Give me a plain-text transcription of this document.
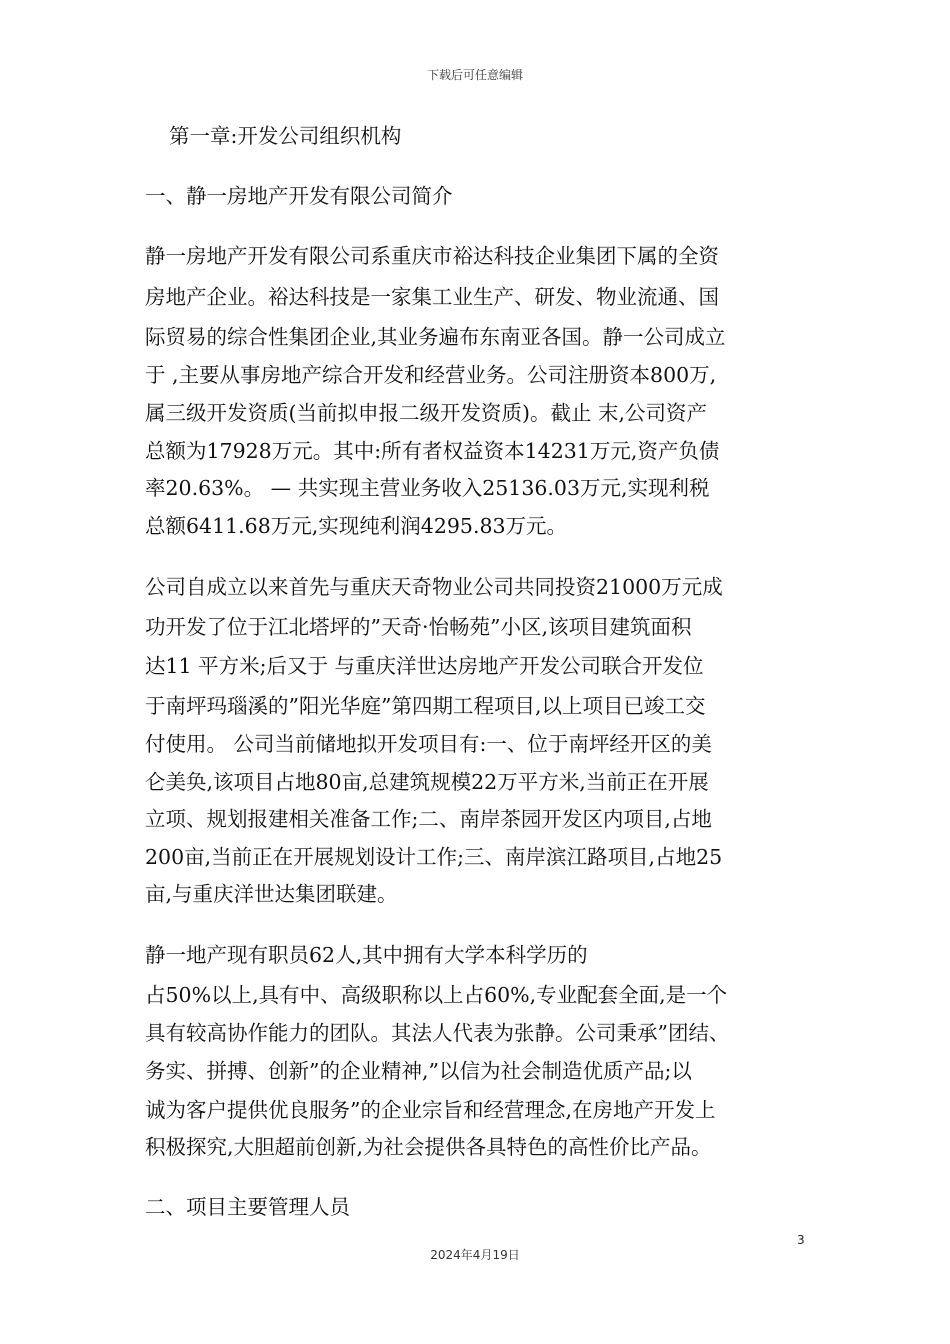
下载后可任意编辑
第一章:开发公司组织机构
一、静一房地产开发有限公司简介
静一房地产开发有限公司系重庆市裕达科技企业集团下属的全资
房地产企业。裕达科技是一家集工业生产、研发、物业流通、国
际贸易的综合性集团企业,其业务遍布东南亚各国。静一公司成立
于 ,主要从事房地产综合开发和经营业务。公司注册资本800万,
属三级开发资质(当前拟申报二级开发资质)。截止 末,公司资产
总额为17928万元。其中:所有者权益资本14231万元,资产负债
率20.63%。 — 共实现主营业务收入25136.03万元,实现利税
总额6411.68万元,实现纯利润4295.83万元。
公司自成立以来首先与重庆天奇物业公司共同投资21000万元成
功开发了位于江北塔坪的”天奇·怡畅苑”小区,该项目建筑面积
达11 平方米;后又于 与重庆洋世达房地产开发公司联合开发位
于南坪玛瑙溪的”阳光华庭”第四期工程项目,以上项目已竣工交
付使用。 公司当前储地拟开发项目有:一、位于南坪经开区的美
仑美奂,该项目占地80亩,总建筑规模22万平方米,当前正在开展
立项、规划报建相关准备工作;二、南岸茶园开发区内项目,占地
200亩,当前正在开展规划设计工作;三、南岸滨江路项目,占地25
亩,与重庆洋世达集团联建。
静一地产现有职员62人,其中拥有大学本科学历的
占50%以上,具有中、高级职称以上占60%,专业配套全面,是一个
具有较高协作能力的团队。其法人代表为张静。公司秉承”团结、
务实、拼搏、创新”的企业精神,”以信为社会制造优质产品;以
诚为客户提供优良服务”的企业宗旨和经营理念,在房地产开发上
积极探究,大胆超前创新,为社会提供各具特色的高性价比产品。
二、项目主要管理人员
3
2024年4月19日
